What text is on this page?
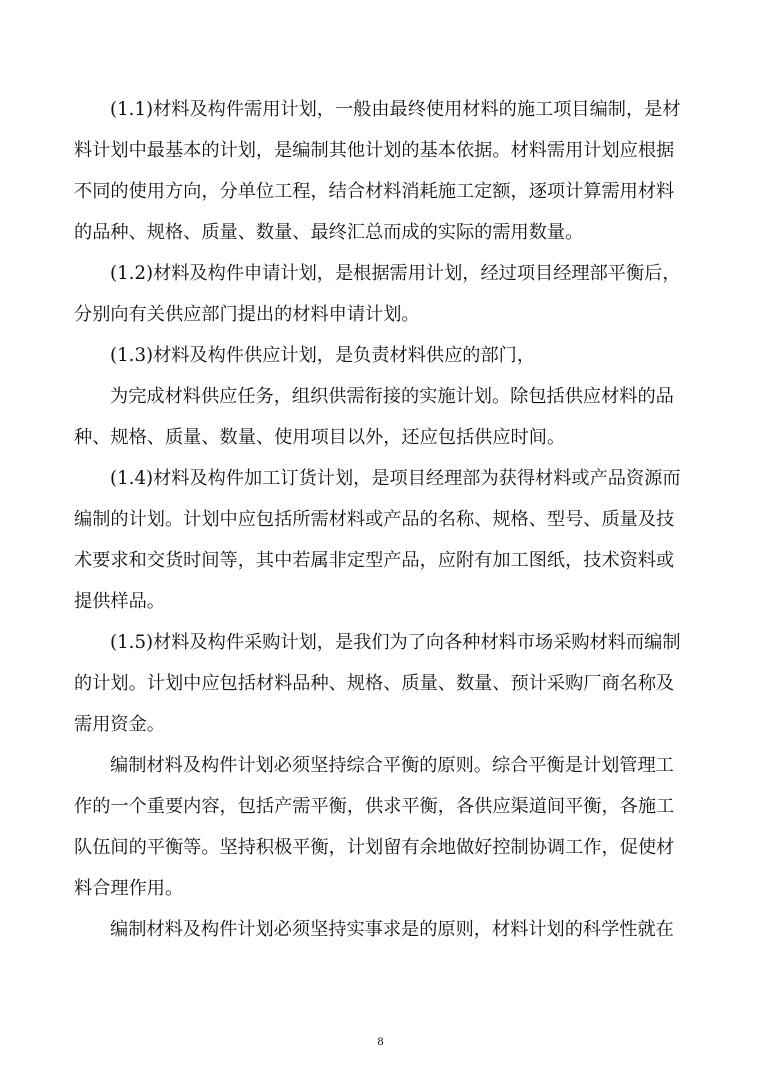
(1.1)材料及构件需用计划，一般由最终使用材料的施工项目编制，是材
料计划中最基本的计划，是编制其他计划的基本依据。材料需用计划应根据
不同的使用方向，分单位工程，结合材料消耗施工定额，逐项计算需用材料
的品种、规格、质量、数量、最终汇总而成的实际的需用数量。
(1.2)材料及构件申请计划，是根据需用计划，经过项目经理部平衡后，
分别向有关供应部门提出的材料申请计划。
(1.3)材料及构件供应计划，是负责材料供应的部门，
为完成材料供应任务，组织供需衔接的实施计划。除包括供应材料的品
种、规格、质量、数量、使用项目以外，还应包括供应时间。
(1.4)材料及构件加工订货计划，是项目经理部为获得材料或产品资源而
编制的计划。计划中应包括所需材料或产品的名称、规格、型号、质量及技
术要求和交货时间等，其中若属非定型产品，应附有加工图纸，技术资料或
提供样品。
(1.5)材料及构件采购计划，是我们为了向各种材料市场采购材料而编制
的计划。计划中应包括材料品种、规格、质量、数量、预计采购厂商名称及
需用资金。
编制材料及构件计划必须坚持综合平衡的原则。综合平衡是计划管理工
作的一个重要内容，包括产需平衡，供求平衡，各供应渠道间平衡，各施工
队伍间的平衡等。坚持积极平衡，计划留有余地做好控制协调工作，促使材
料合理作用。
编制材料及构件计划必须坚持实事求是的原则，材料计划的科学性就在
8
